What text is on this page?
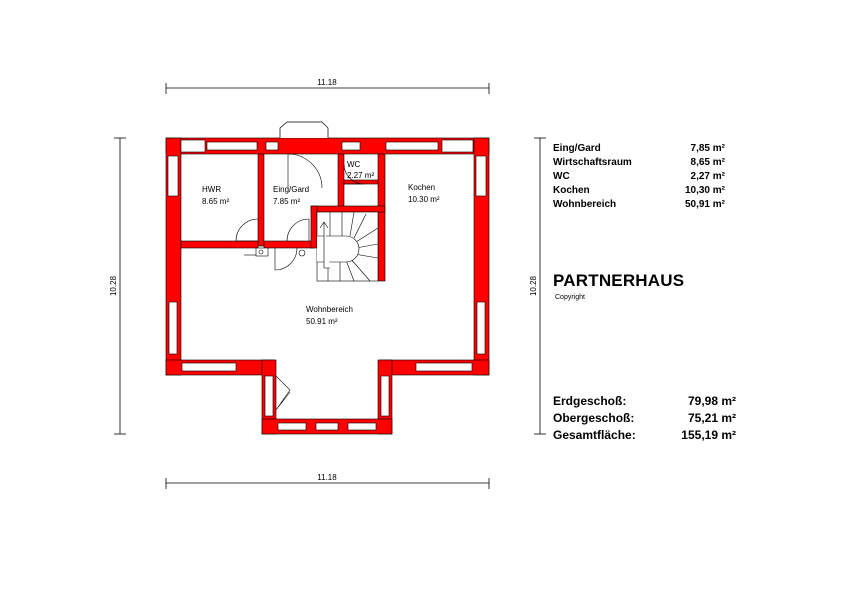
11.18
11.18
10.28	10.28
HWR
8.65 m²
Eing/Gard
7.85 m²
WC
2.27 m²
Kochen
10.30 m²
Wohnbereich
50.91 m²
Eing/Gard	7,85 m²
Wirtschaftsraum	8,65 m²
WC	2,27 m²
Kochen	10,30 m²
Wohnbereich	50,91 m²
PARTNERHAUS
Copyright
Erdgeschoß:	79,98 m²
Obergeschoß:	75,21 m²
Gesamtfläche:	155,19 m²
